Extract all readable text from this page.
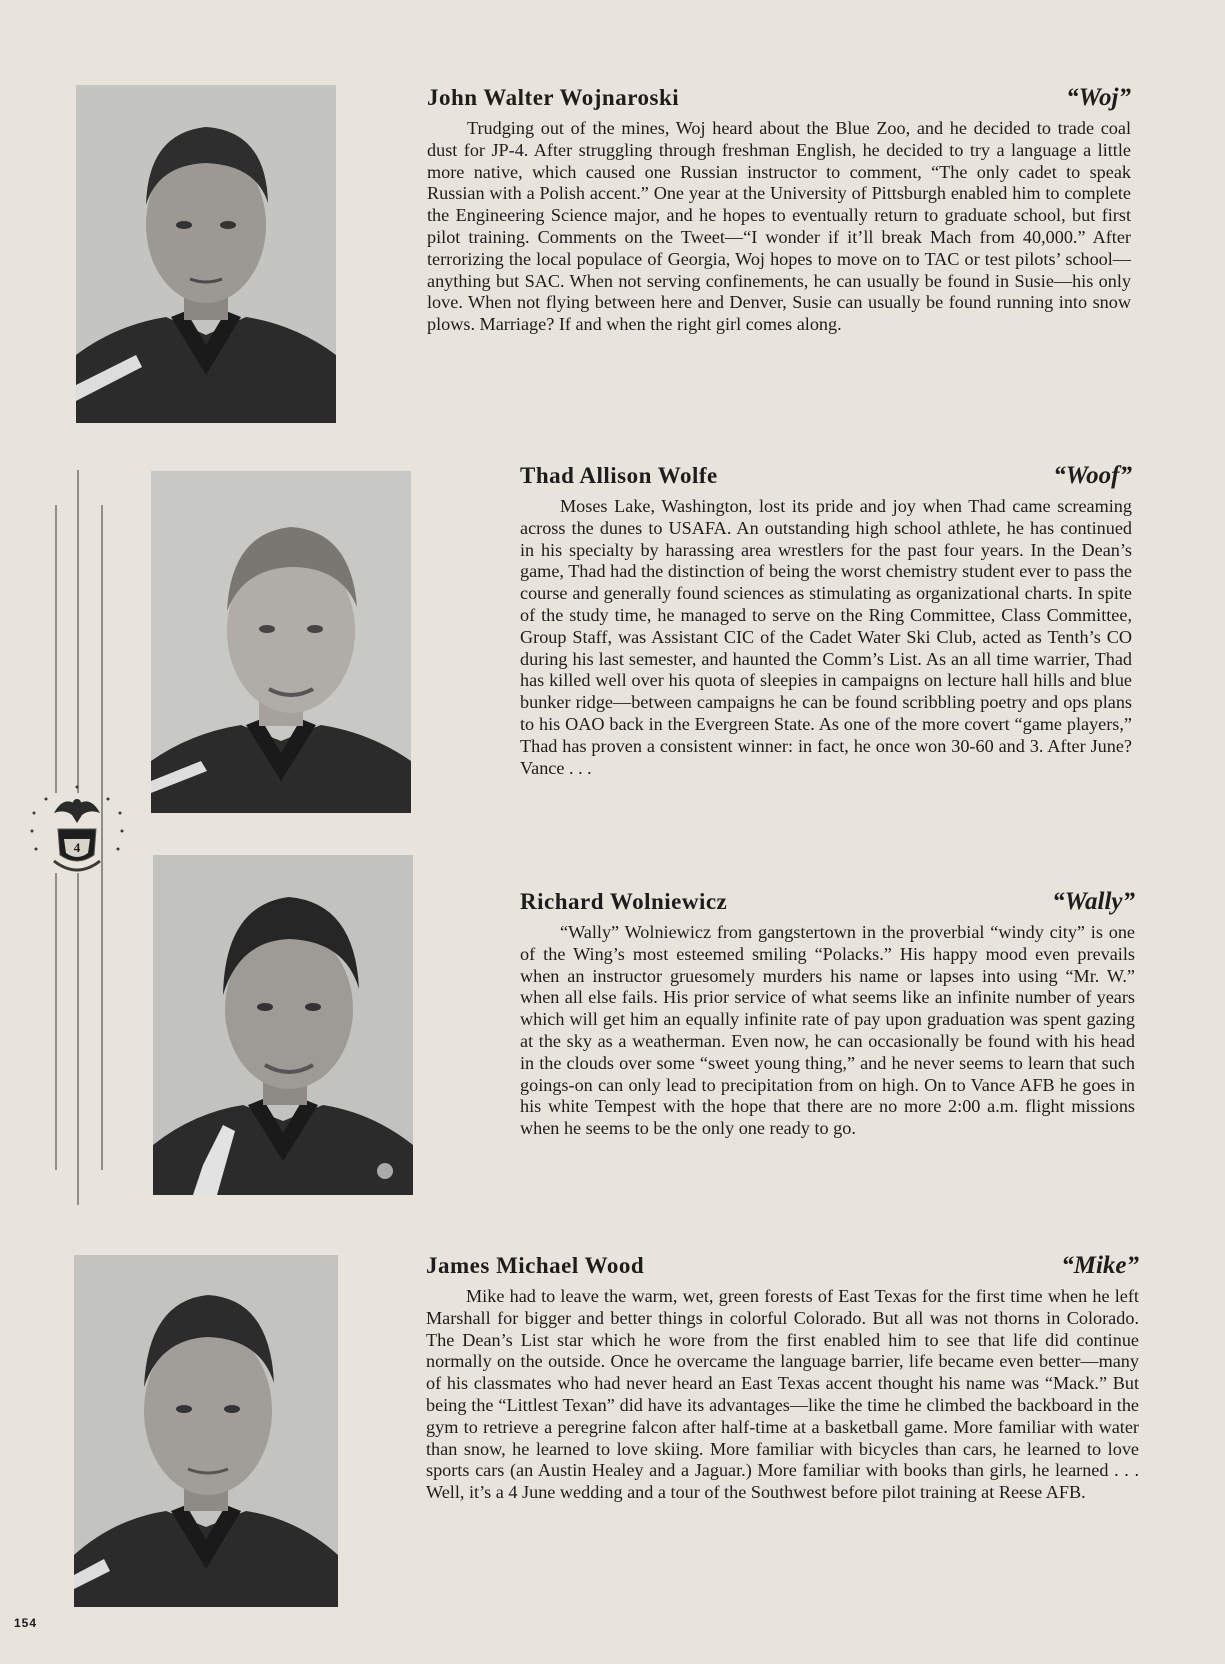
4
John Walter Wojnaroski	“Woj”

Trudging out of the mines, Woj heard about the Blue Zoo, and he decided to trade coal dust for JP-4. After struggling through freshman English, he decided to try a language a little more native, which caused one Russian instructor to comment, “The only cadet to speak Russian with a Polish accent.” One year at the University of Pittsburgh enabled him to complete the Engineering Science major, and he hopes to eventually return to graduate school, but first pilot training. Comments on the Tweet—“I wonder if it’ll break Mach from 40,000.” After terrorizing the local populace of Georgia, Woj hopes to move on to TAC or test pilots’ school—anything but SAC. When not serving confinements, he can usually be found in Susie—his only love. When not flying between here and Denver, Susie can usually be found running into snow plows. Marriage? If and when the right girl comes along.

Thad Allison Wolfe	“Woof”

Moses Lake, Washington, lost its pride and joy when Thad came screaming across the dunes to USAFA. An outstanding high school athlete, he has continued in his specialty by harassing area wrestlers for the past four years. In the Dean’s game, Thad had the distinction of being the worst chemistry student ever to pass the course and generally found sciences as stimulating as organizational charts. In spite of the study time, he managed to serve on the Ring Committee, Class Committee, Group Staff, was Assistant CIC of the Cadet Water Ski Club, acted as Tenth’s CO during his last semester, and haunted the Comm’s List. As an all time warrier, Thad has killed well over his quota of sleepies in campaigns on lecture hall hills and blue bunker ridge—between campaigns he can be found scribbling poetry and ops plans to his OAO back in the Evergreen State. As one of the more covert “game players,” Thad has proven a consistent winner: in fact, he once won 30-60 and 3. After June? Vance . . .

Richard Wolniewicz	“Wally”

“Wally” Wolniewicz from gangstertown in the proverbial “windy city” is one of the Wing’s most esteemed smiling “Polacks.” His happy mood even prevails when an instructor gruesomely murders his name or lapses into using “Mr. W.” when all else fails. His prior service of what seems like an infinite number of years which will get him an equally infinite rate of pay upon graduation was spent gazing at the sky as a weatherman. Even now, he can occasionally be found with his head in the clouds over some “sweet young thing,” and he never seems to learn that such goings-on can only lead to precipitation from on high. On to Vance AFB he goes in his white Tempest with the hope that there are no more 2:00 a.m. flight missions when he seems to be the only one ready to go.

James Michael Wood	“Mike”

Mike had to leave the warm, wet, green forests of East Texas for the first time when he left Marshall for bigger and better things in colorful Colorado. But all was not thorns in Colorado. The Dean’s List star which he wore from the first enabled him to see that life did continue normally on the outside. Once he overcame the language barrier, life became even better—many of his classmates who had never heard an East Texas accent thought his name was “Mack.” But being the “Littlest Texan” did have its advantages—like the time he climbed the backboard in the gym to retrieve a peregrine falcon after half-time at a basketball game. More familiar with water than snow, he learned to love skiing. More familiar with bicycles than cars, he learned to love sports cars (an Austin Healey and a Jaguar.) More familiar with books than girls, he learned . . . Well, it’s a 4 June wedding and a tour of the Southwest before pilot training at Reese AFB.

154
